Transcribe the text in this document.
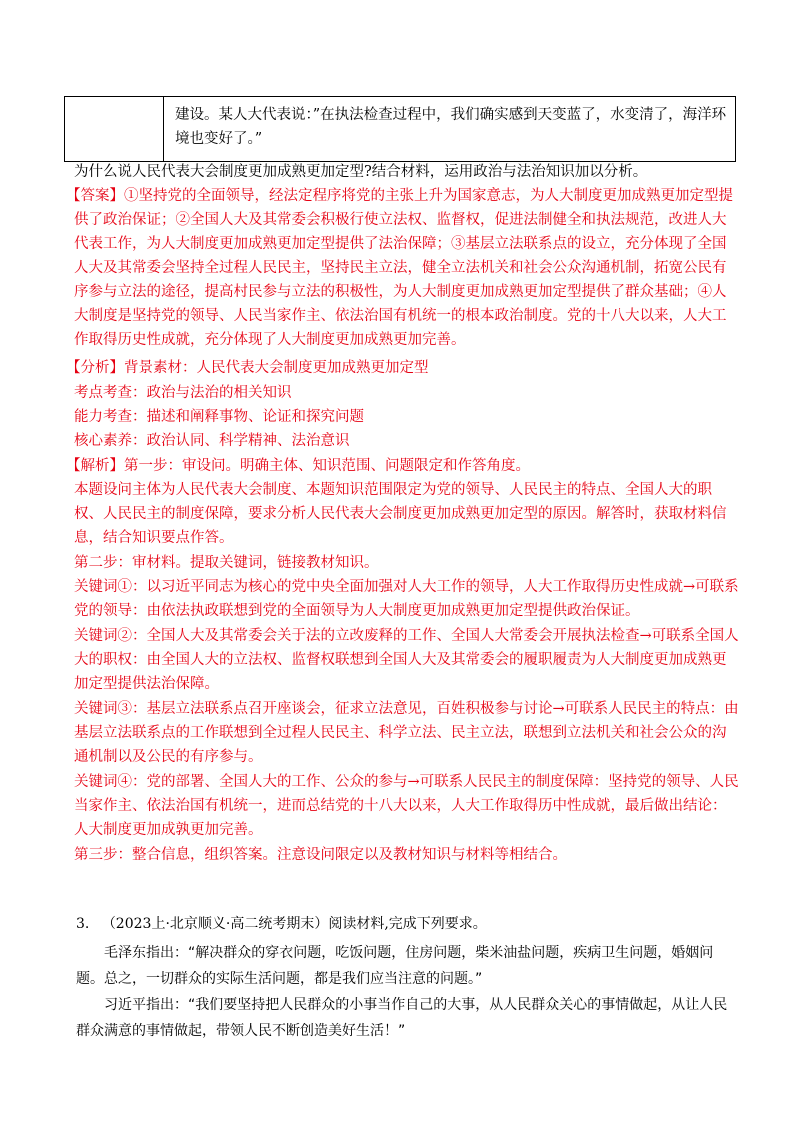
建设。某人大代表说：”在执法检查过程中，我们确实感到天变蓝了，水变清了，海洋环境也变好了。”
为什么说人民代表大会制度更加成熟更加定型?结合材料，运用政治与法治知识加以分析。
【答案】①坚持党的全面领导，经法定程序将党的主张上升为国家意志，为人大制度更加成熟更加定型提供了政治保证；②全国人大及其常委会积极行使立法权、监督权，促进法制健全和执法规范，改进人大代表工作，为人大制度更加成熟更加定型提供了法治保障；③基层立法联系点的设立，充分体现了全国人大及其常委会坚持全过程人民民主，坚持民主立法，健全立法机关和社会公众沟通机制，拓宽公民有序参与立法的途径，提高村民参与立法的积极性，为人大制度更加成熟更加定型提供了群众基础；④人大制度是坚持党的领导、人民当家作主、依法治国有机统一的根本政治制度。党的十八大以来，人大工作取得历史性成就，充分体现了人大制度更加成熟更加完善。
【分析】背景素材：人民代表大会制度更加成熟更加定型
考点考查：政治与法治的相关知识
能力考查：描述和阐释事物、论证和探究问题
核心素养：政治认同、科学精神、法治意识
【解析】第一步：审设问。明确主体、知识范围、问题限定和作答角度。
本题设问主体为人民代表大会制度、本题知识范围限定为党的领导、人民民主的特点、全国人大的职权、人民民主的制度保障，要求分析人民代表大会制度更加成熟更加定型的原因。解答时，获取材料信息，结合知识要点作答。
第二步：审材料。提取关键词，链接教材知识。
关键词①：以习近平同志为核心的党中央全面加强对人大工作的领导，人大工作取得历史性成就→可联系党的领导：由依法执政联想到党的全面领导为人大制度更加成熟更加定型提供政治保证。
关键词②：全国人大及其常委会关于法的立改废释的工作、全国人大常委会开展执法检查→可联系全国人大的职权：由全国人大的立法权、监督权联想到全国人大及其常委会的履职履责为人大制度更加成熟更加定型提供法治保障。
关键词③：基层立法联系点召开座谈会，征求立法意见，百姓积极参与讨论→可联系人民民主的特点：由基层立法联系点的工作联想到全过程人民民主、科学立法、民主立法，联想到立法机关和社会公众的沟通机制以及公民的有序参与。
关键词④：党的部署、全国人大的工作、公众的参与→可联系人民民主的制度保障：坚持党的领导、人民当家作主、依法治国有机统一，进而总结党的十八大以来，人大工作取得历中性成就，最后做出结论：人大制度更加成孰更加完善。
第三步：整合信息，组织答案。注意设问限定以及教材知识与材料等相结合。
3. （2023上·北京顺义·高二统考期末）阅读材料,完成下列要求。
毛泽东指出：“解决群众的穿衣问题，吃饭问题，住房问题，柴米油盐问题，疾病卫生问题，婚姻问题。总之，一切群众的实际生活问题，都是我们应当注意的问题。”
习近平指出：“我们要坚持把人民群众的小事当作自己的大事，从人民群众关心的事情做起，从让人民群众满意的事情做起，带领人民不断创造美好生活！”
